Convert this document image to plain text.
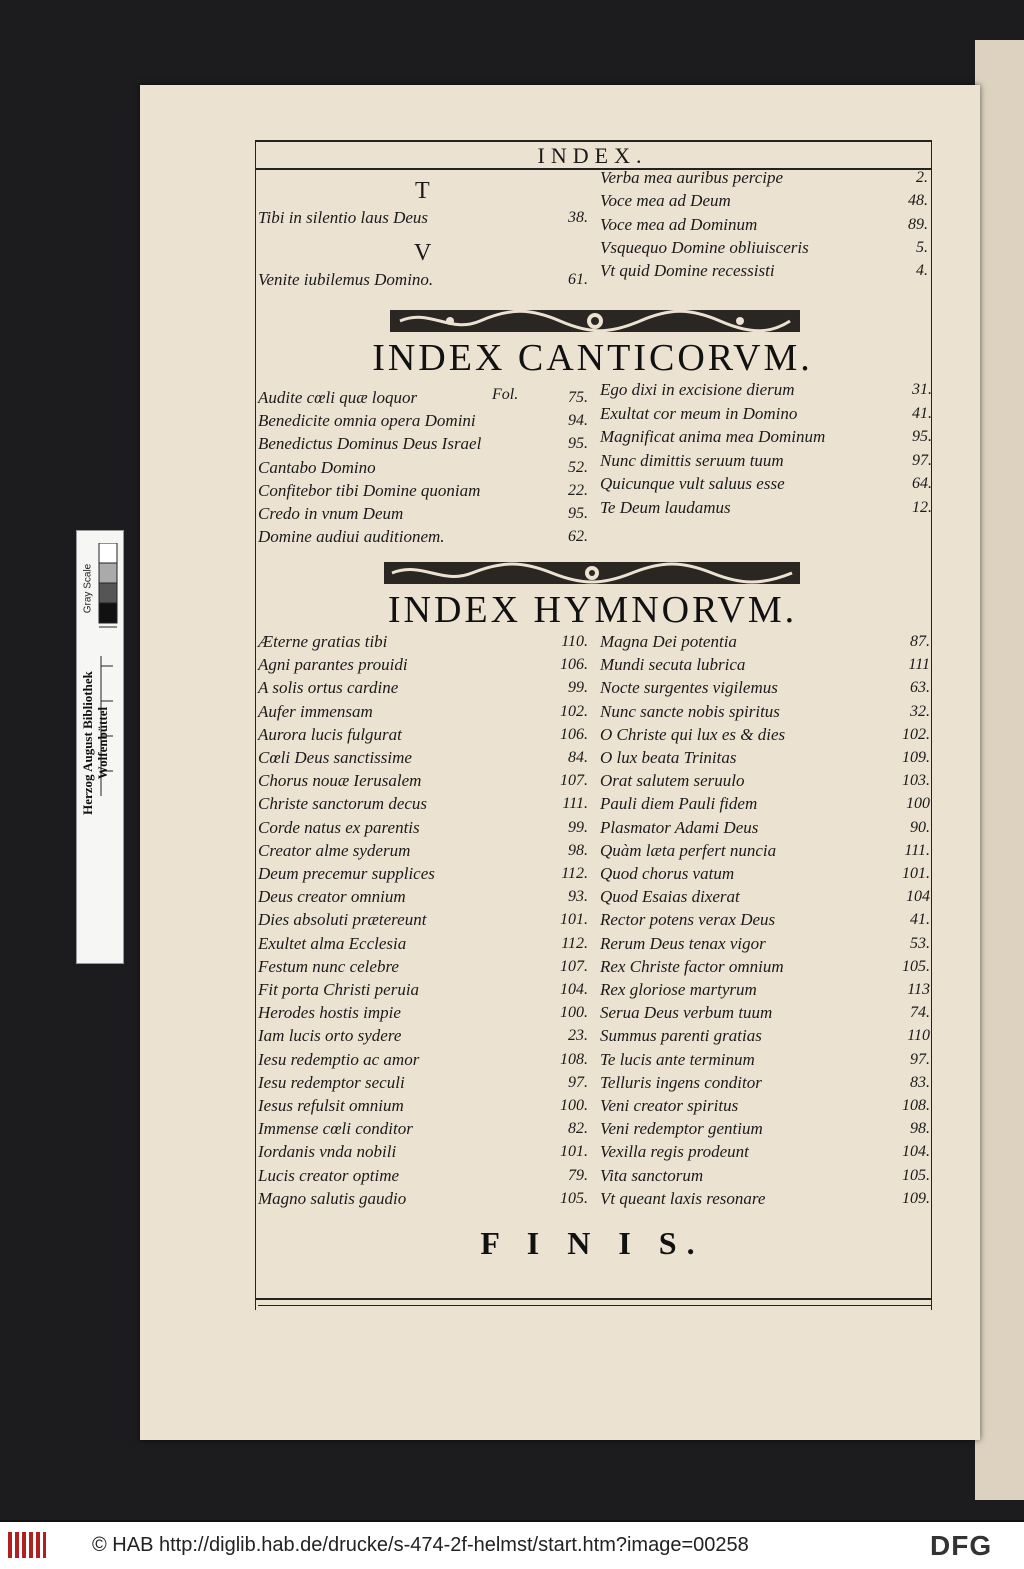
INDEX.
T
V
Tibi in silentio laus Deus	38.
Venite iubilemus Domino.	61.
Verba mea auribus percipe	2.
Voce mea ad Deum	48.
Voce mea ad Dominum	89.
Vsquequo Domine obliuisceris	5.
Vt quid Domine recessisti	4.
INDEX CANTICORVM.
Fol.
Audite cœli quæ loquor	75.
Benedicite omnia opera Domini	94.
Benedictus Dominus Deus Israel	95.
Cantabo Domino	52.
Confitebor tibi Domine quoniam	22.
Credo in vnum Deum	95.
Domine audiui auditionem.	62.
Ego dixi in excisione dierum	31.
Exultat cor meum in Domino	41.
Magnificat anima mea Dominum	95.
Nunc dimittis seruum tuum	97.
Quicunque vult saluus esse	64.
Te Deum laudamus	12.
INDEX HYMNORVM.
Æterne gratias tibi	110.
Agni parantes prouidi	106.
A solis ortus cardine	99.
Aufer immensam	102.
Aurora lucis fulgurat	106.
Cœli Deus sanctissime	84.
Chorus nouæ Ierusalem	107.
Christe sanctorum decus	111.
Corde natus ex parentis	99.
Creator alme syderum	98.
Deum precemur supplices	112.
Deus creator omnium	93.
Dies absoluti prætereunt	101.
Exultet alma Ecclesia	112.
Festum nunc celebre	107.
Fit porta Christi peruia	104.
Herodes hostis impie	100.
Iam lucis orto sydere	23.
Iesu redemptio ac amor	108.
Iesu redemptor seculi	97.
Iesus refulsit omnium	100.
Immense cœli conditor	82.
Iordanis vnda nobili	101.
Lucis creator optime	79.
Magno salutis gaudio	105.
Magna Dei potentia	87.
Mundi secuta lubrica	111
Nocte surgentes vigilemus	63.
Nunc sancte nobis spiritus	32.
O Christe qui lux es & dies	102.
O lux beata Trinitas	109.
Orat salutem seruulo	103.
Pauli diem Pauli fidem	100
Plasmator Adami Deus	90.
Quàm læta perfert nuncia	111.
Quod chorus vatum	101.
Quod Esaias dixerat	104
Rector potens verax Deus	41.
Rerum Deus tenax vigor	53.
Rex Christe factor omnium	105.
Rex gloriose martyrum	113
Serua Deus verbum tuum	74.
Summus parenti gratias	110
Te lucis ante terminum	97.
Telluris ingens conditor	83.
Veni creator spiritus	108.
Veni redemptor gentium	98.
Vexilla regis prodeunt	104.
Vita sanctorum	105.
Vt queant laxis resonare	109.
F I N I S.
Gray Scale
Herzog August Bibliothek
Wolfenbüttel
© HAB http://diglib.hab.de/drucke/s-474-2f-helmst/start.htm?image=00258	DFG
